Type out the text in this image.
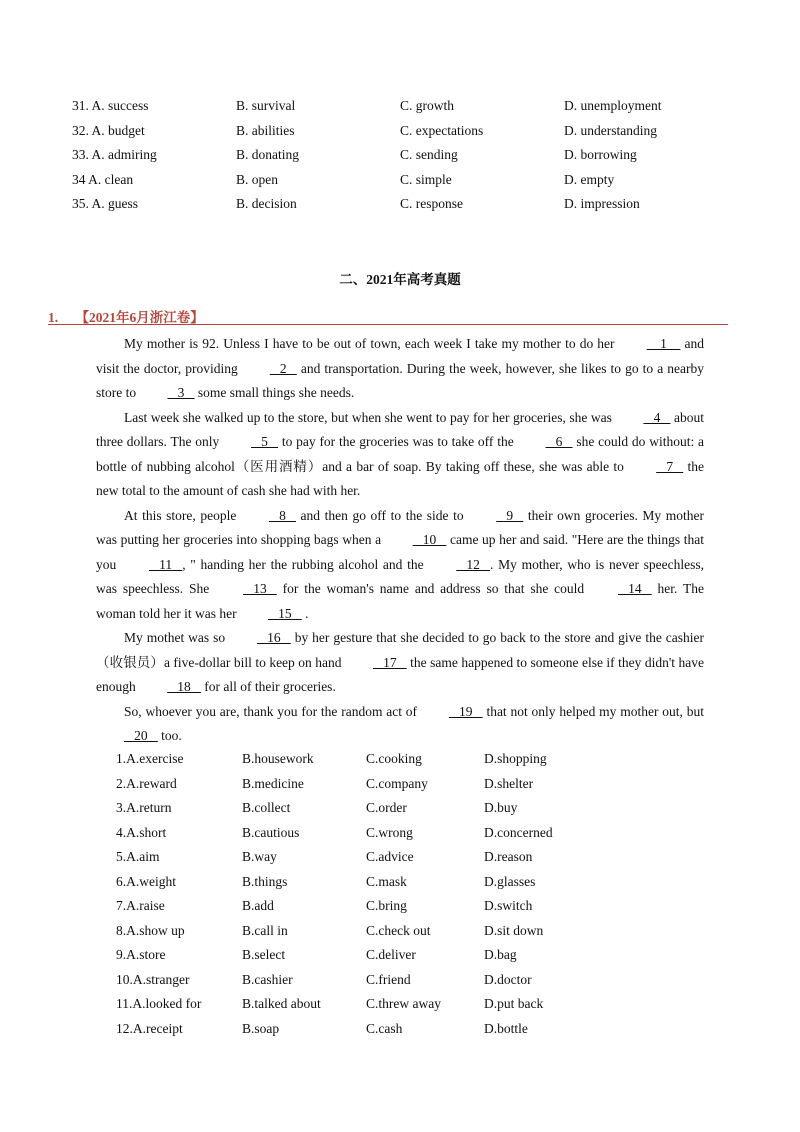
31. A. success	B. survival	C. growth	D. unemployment
32. A. budget	B. abilities	C. expectations	D. understanding
33. A. admiring	B. donating	C. sending	D. borrowing
34 A. clean	B. open	C. simple	D. empty
35. A. guess	B. decision	C. response	D. impression
二、2021年高考真题
1. 【2021年6月浙江卷】

My mother is 92. Unless I have to be out of town, each week I take my mother to do her     1     and visit the doctor, providing    2    and transportation. During the week, however, she likes to go to a nearby store to    3    some small things she needs.

Last week she walked up to the store, but when she went to pay for her groceries, she was    4    about three dollars. The only    5    to pay for the groceries was to take off the    6    she could do without: a bottle of nubbing alcohol（医用酒精）and a bar of soap. By taking off these, she was able to    7    the new total to the amount of cash she had with her.

At this store, people    8    and then go off to the side to    9    their own groceries. My mother was putting her groceries into shopping bags when a    10    came up her and said. "Here are the things that you    11   , " handing her the rubbing alcohol and the    12   . My mother, who is never speechless, was speechless. She    13    for the woman's name and address so that she could    14    her. The woman told her it was her    15    .

My mothet was so    16    by her gesture that she decided to go back to the store and give the cashier（收银员）a five-dollar bill to keep on hand    17    the same happened to someone else if they didn't have enough    18    for all of their groceries.

So, whoever you are, thank you for the random act of    19    that not only helped my mother out, but    20    too.

1.A.exercise	B.housework	C.cooking	D.shopping
2.A.reward	B.medicine	C.company	D.shelter
3.A.return	B.collect	C.order	D.buy
4.A.short	B.cautious	C.wrong	D.concerned
5.A.aim	B.way	C.advice	D.reason
6.A.weight	B.things	C.mask	D.glasses
7.A.raise	B.add	C.bring	D.switch
8.A.show up	B.call in	C.check out	D.sit down
9.A.store	B.select	C.deliver	D.bag
10.A.stranger	B.cashier	C.friend	D.doctor
11.A.looked for	B.talked about	C.threw away	D.put back
12.A.receipt	B.soap	C.cash	D.bottle
